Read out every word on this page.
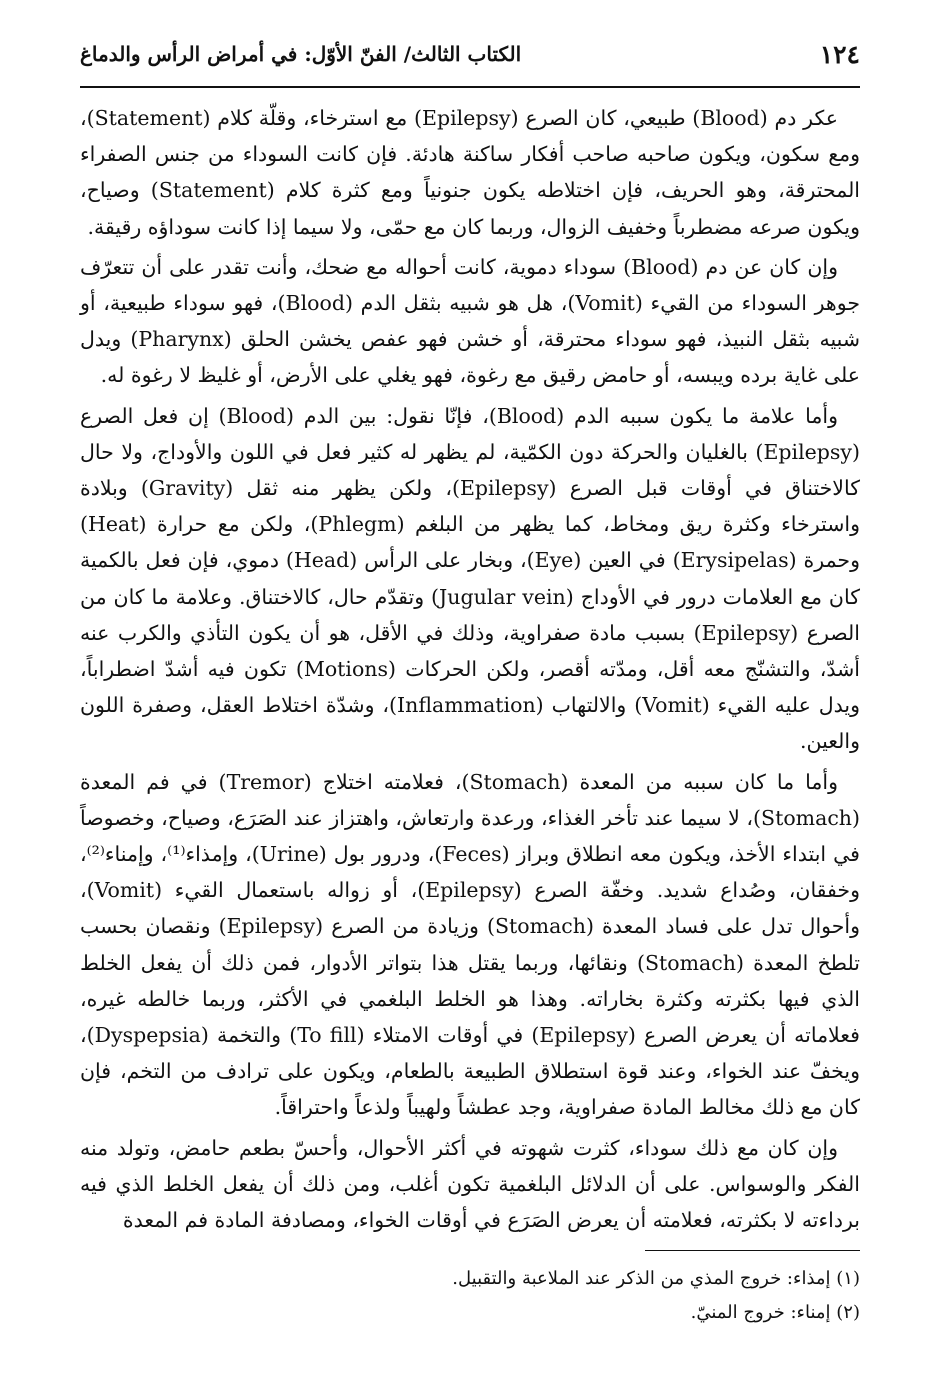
١٢٤
الكتاب الثالث/ الفنّ الأوّل: في أمراض الرأس والدماغ

عكر دم (Blood) طبيعي، كان الصرع (Epilepsy) مع استرخاء، وقلّة كلام (Statement)، ومع سكون، ويكون صاحبه صاحب أفكار ساكنة هادئة. فإن كانت السوداء من جنس الصفراء المحترقة، وهو الحريف، فإن اختلاطه يكون جنونياً ومع كثرة كلام (Statement) وصياح، ويكون صرعه مضطرباً وخفيف الزوال، وربما كان مع حمّى، ولا سيما إذا كانت سوداؤه رقيقة.

وإن كان عن دم (Blood) سوداء دموية، كانت أحواله مع ضحك، وأنت تقدر على أن تتعرّف جوهر السوداء من القيء (Vomit)، هل هو شبيه بثقل الدم (Blood)، فهو سوداء طبيعية، أو شبيه بثقل النبيذ، فهو سوداء محترقة، أو خشن فهو عفص يخشن الحلق (Pharynx) ويدل على غاية برده ويبسه، أو حامض رقيق مع رغوة، فهو يغلي على الأرض، أو غليظ لا رغوة له.

وأما علامة ما يكون سببه الدم (Blood)، فإنّا نقول: بين الدم (Blood) إن فعل الصرع (Epilepsy) بالغليان والحركة دون الكمّية، لم يظهر له كثير فعل في اللون والأوداج، ولا حال كالاختناق في أوقات قبل الصرع (Epilepsy)، ولكن يظهر منه ثقل (Gravity) وبلادة واسترخاء وكثرة ريق ومخاط، كما يظهر من البلغم (Phlegm)، ولكن مع حرارة (Heat) وحمرة (Erysipelas) في العين (Eye)، وبخار على الرأس (Head) دموي، فإن فعل بالكمية كان مع العلامات درور في الأوداج (Jugular vein) وتقدّم حال، كالاختناق. وعلامة ما كان من الصرع (Epilepsy) بسبب مادة صفراوية، وذلك في الأقل، هو أن يكون التأذي والكرب عنه أشدّ، والتشنّج معه أقل، ومدّته أقصر، ولكن الحركات (Motions) تكون فيه أشدّ اضطراباً، ويدل عليه القيء (Vomit) والالتهاب (Inflammation)، وشدّة اختلاط العقل، وصفرة اللون والعين.

وأما ما كان سببه من المعدة (Stomach)، فعلامته اختلاج (Tremor) في فم المعدة (Stomach)، لا سيما عند تأخر الغذاء، ورعدة وارتعاش، واهتزاز عند الصَرَع، وصياح، وخصوصاً في ابتداء الأخذ، ويكون معه انطلاق وبراز (Feces)، ودرور بول (Urine)، وإمذاء⁽¹⁾، وإمناء⁽²⁾، وخفقان، وصُداع شديد. وخفّة الصرع (Epilepsy)، أو زواله باستعمال القيء (Vomit)، وأحوال تدل على فساد المعدة (Stomach) وزيادة من الصرع (Epilepsy) ونقصان بحسب تلطخ المعدة (Stomach) ونقائها، وربما يقتل هذا بتواتر الأدوار، فمن ذلك أن يفعل الخلط الذي فيها بكثرته وكثرة بخاراته. وهذا هو الخلط البلغمي في الأكثر، وربما خالطه غيره، فعلاماته أن يعرض الصرع (Epilepsy) في أوقات الامتلاء (To fill) والتخمة (Dyspepsia)، ويخفّ عند الخواء، وعند قوة استطلاق الطبيعة بالطعام، ويكون على ترادف من التخم، فإن كان مع ذلك مخالط المادة صفراوية، وجد عطشاً ولهيباً ولذعاً واحتراقاً.

وإن كان مع ذلك سوداء، كثرت شهوته في أكثر الأحوال، وأحسّ بطعم حامض، وتولد منه الفكر والوسواس. على أن الدلائل البلغمية تكون أغلب، ومن ذلك أن يفعل الخلط الذي فيه برداءته لا بكثرته، فعلامته أن يعرض الصَرَع في أوقات الخواء، ومصادفة المادة فم المعدة

(١) إمذاء: خروج المذي من الذكر عند الملاعبة والتقبيل.

(٢) إمناء: خروج المنيّ.
